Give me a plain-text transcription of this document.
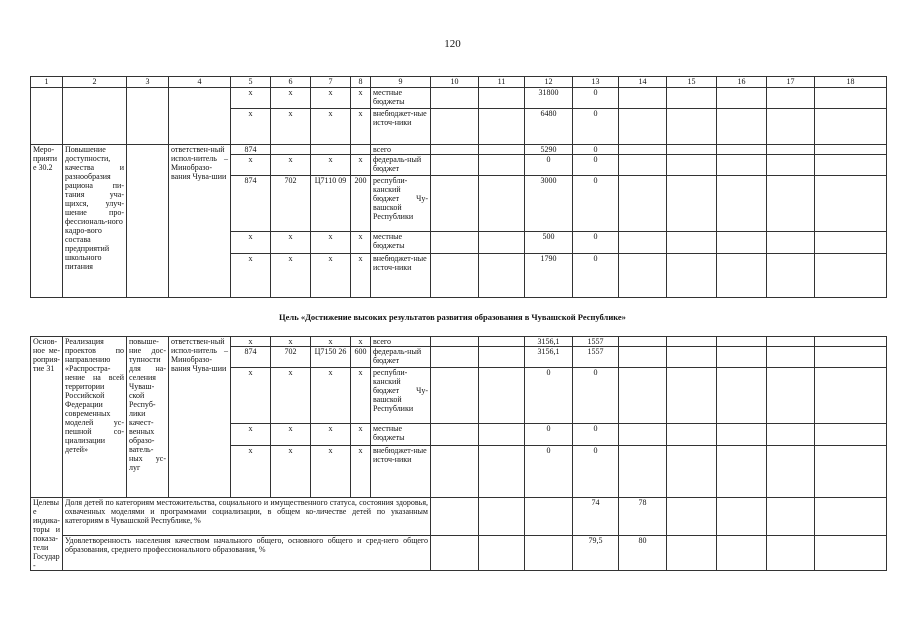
120
1	2	3	4	5	6	7	8	9	10	11	12	13	14	15	16	17	18
				х	х	х	х	местные бюджеты			31800	0					
				х	х	х	х	внебюджет-ные источ-ники			6480	0					
Меро-приятие 30.2	Повышение доступности, качества и разнообразия рациона пи-тания уча-щихся, улуч-шение про-фессиональ-ного кадро-вого состава предприятий школьного питания		ответствен-ный испол-нитель – Минобразо-вания Чува-шии	874				всего			5290	0					
				х	х	х	х	федераль-ный бюджет			0	0					
				874	702	Ц7110 09	200	республи-канский бюджет Чу-вашской Республики			3000	0					
				х	х	х	х	местные бюджеты			500	0					
				х	х	х	х	внебюджет-ные источ-ники			1790	0					
Цель «Достижение высоких результатов развития образования в Чувашской Республике»
Основ-ное ме-роприя-тие 31	Реализация проектов по направлению «Распростра-нение на всей территории Российской Федерации современных моделей ус-пешной со-циализации детей»	повыше-ние дос-тупности для на-селения Чуваш-ской Респуб-лики качест-венных образо-ватель-ных ус-луг	ответствен-ный испол-нитель – Минобразо-вания Чува-шии	х	х	х	х	всего			3156,1	1557					
				874	702	Ц7150 26	600	федераль-ный бюджет			3156,1	1557					
				х	х	х	х	республи-канский бюджет Чу-вашской Республики			0	0					
				х	х	х	х	местные бюджеты			0	0					
				х	х	х	х	внебюджет-ные источ-ники			0	0					
Целевые индика-торы и показа-тели Государ-	Доля детей по категориям местожительства, социального и имущественного статуса, состояния здоровья, охваченных моделями и программами социализации, в общем ко-личестве детей по указанным категориям в Чувашской Республике, %											74	78				
	Удовлетворенность населения качеством начального общего, основного общего и сред-него общего образования, среднего профессионального образования, %											79,5	80				
